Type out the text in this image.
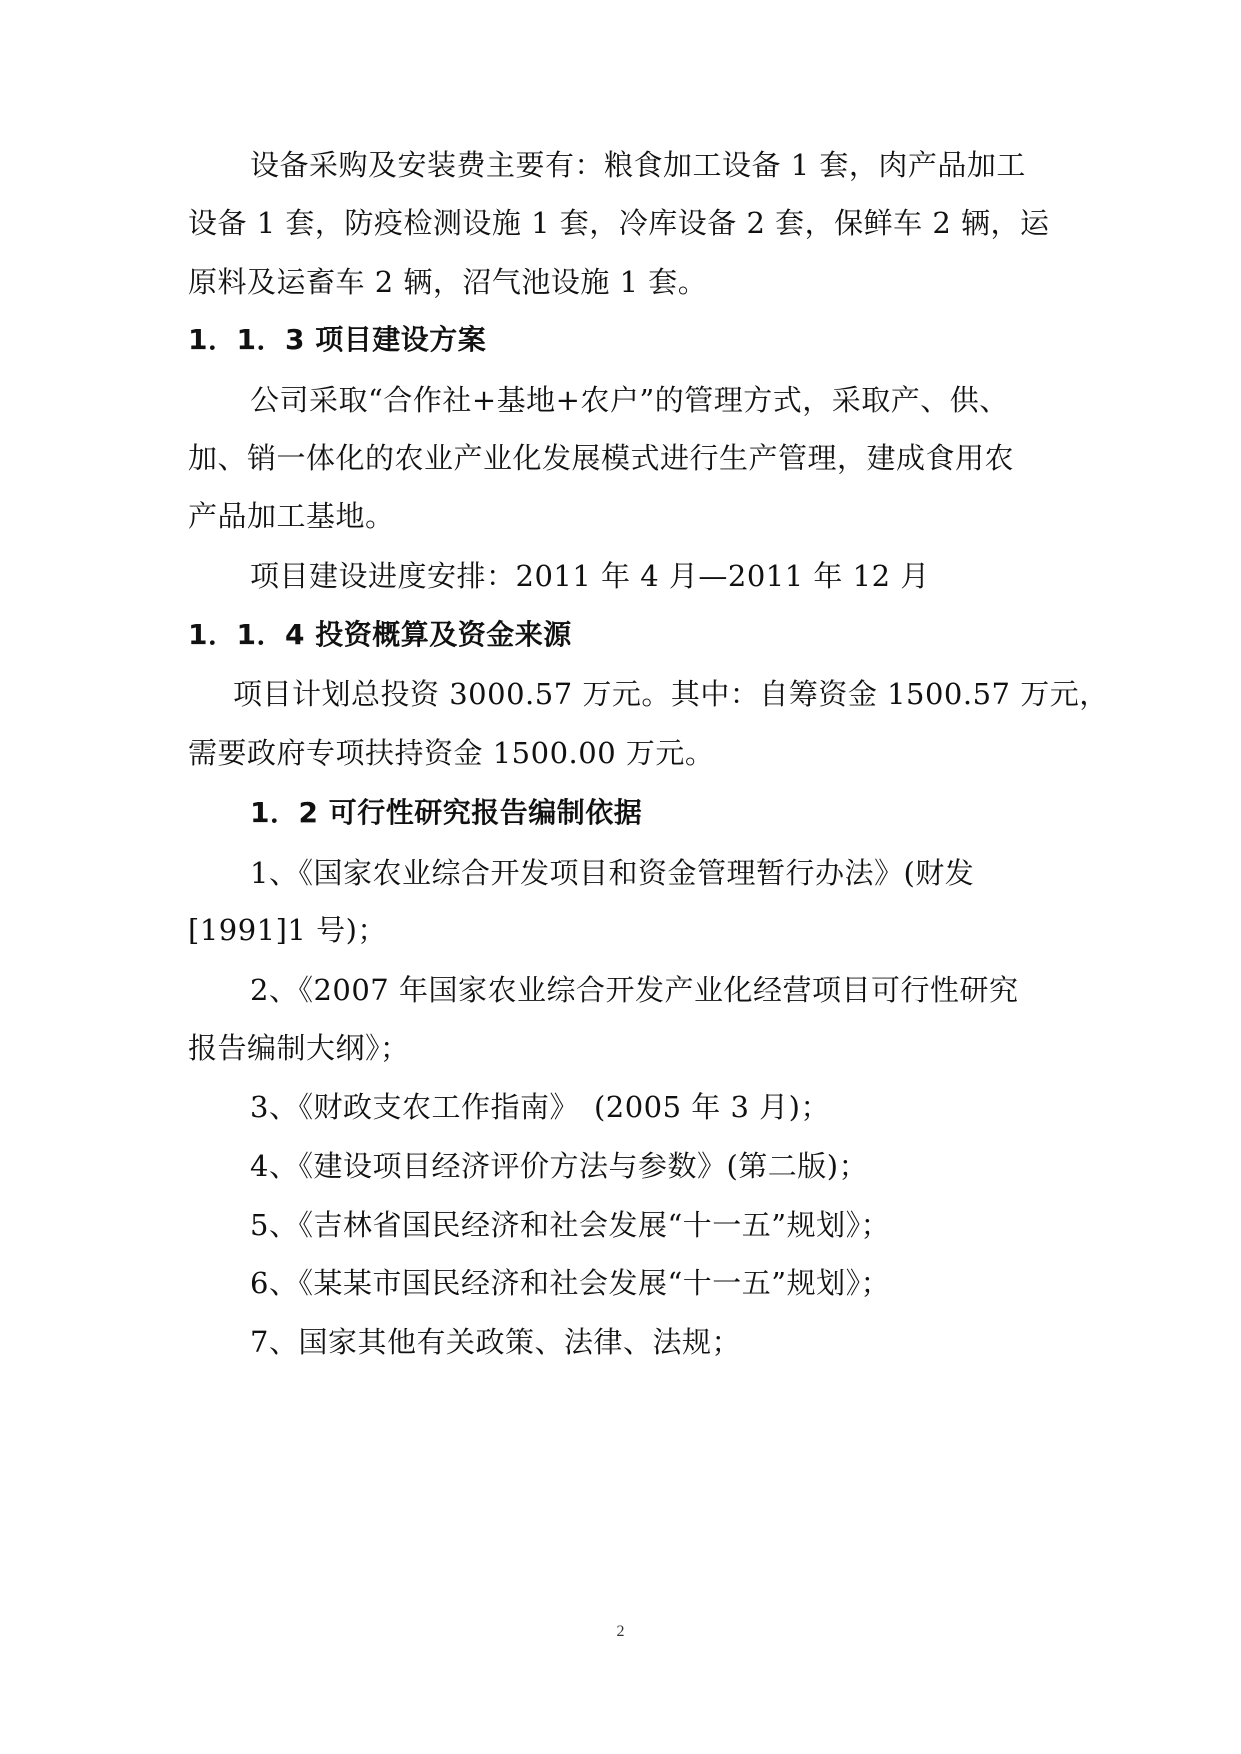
设备采购及安装费主要有：粮食加工设备 1 套，肉产品加工
设备 1 套，防疫检测设施 1 套，冷库设备 2 套，保鲜车 2 辆，运
原料及运畜车 2 辆，沼气池设施 1 套。
1．1．3 项目建设方案
公司采取“合作社+基地+农户”的管理方式，采取产、供、
加、销一体化的农业产业化发展模式进行生产管理，建成食用农
产品加工基地。
项目建设进度安排：2011 年 4 月—2011 年 12 月
1．1．4 投资概算及资金来源
项目计划总投资 3000.57 万元。其中：自筹资金 1500.57 万元，
需要政府专项扶持资金 1500.00 万元。
1．2 可行性研究报告编制依据
1、《国家农业综合开发项目和资金管理暂行办法》(财发
[1991]1 号)；
2、《2007 年国家农业综合开发产业化经营项目可行性研究
报告编制大纲》；
3、《财政支农工作指南》　(2005 年 3 月)；
4、《建设项目经济评价方法与参数》(第二版)；
5、《吉林省国民经济和社会发展“十一五”规划》；
6、《某某市国民经济和社会发展“十一五”规划》；
7、国家其他有关政策、法律、法规；
2
